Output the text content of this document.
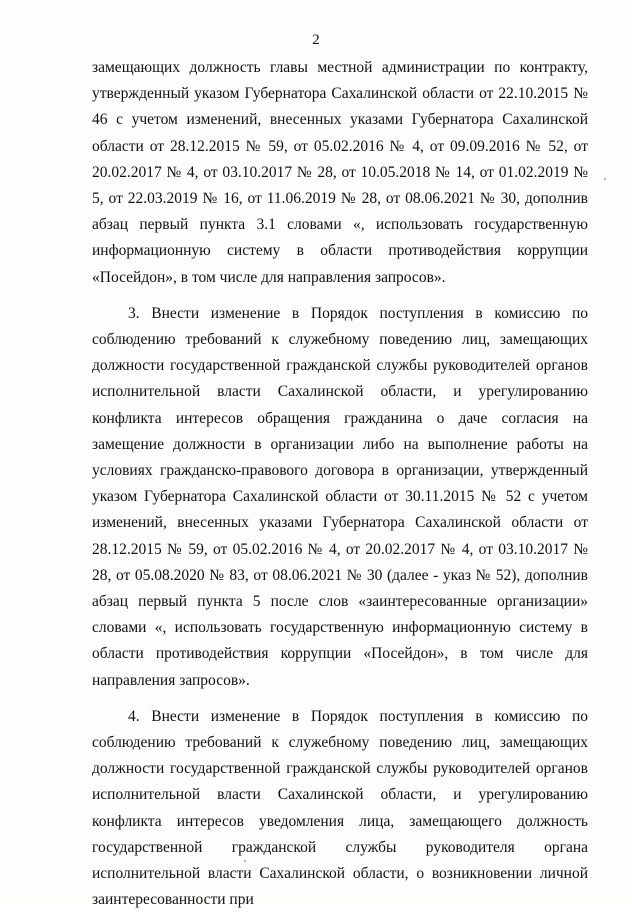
2

замещающих должность главы местной администрации по контракту, утвержденный указом Губернатора Сахалинской области от 22.10.2015 № 46 с учетом изменений, внесенных указами Губернатора Сахалинской области от 28.12.2015 № 59, от 05.02.2016 № 4, от 09.09.2016 № 52, от 20.02.2017 № 4, от 03.10.2017 № 28, от 10.05.2018 № 14, от 01.02.2019 № 5, от 22.03.2019 № 16, от 11.06.2019 № 28, от 08.06.2021 № 30, дополнив абзац первый пункта 3.1 словами «, использовать государственную информационную систему в области противодействия коррупции «Посейдон», в том числе для направления запросов».

3. Внести изменение в Порядок поступления в комиссию по соблюдению требований к служебному поведению лиц, замещающих должности государственной гражданской службы руководителей органов исполнительной власти Сахалинской области, и урегулированию конфликта интересов обращения гражданина о даче согласия на замещение должности в организации либо на выполнение работы на условиях гражданско-правового договора в организации, утвержденный указом Губернатора Сахалинской области от 30.11.2015 № 52 с учетом изменений, внесенных указами Губернатора Сахалинской области от 28.12.2015 № 59, от 05.02.2016 № 4, от 20.02.2017 № 4, от 03.10.2017 № 28, от 05.08.2020 № 83, от 08.06.2021 № 30 (далее - указ № 52), дополнив абзац первый пункта 5 после слов «заинтересованные организации» словами «, использовать государственную информационную систему в области противодействия коррупции «Посейдон», в том числе для направления запросов».

4. Внести изменение в Порядок поступления в комиссию по соблюдению требований к служебному поведению лиц, замещающих должности государственной гражданской службы руководителей органов исполнительной власти Сахалинской области, и урегулированию конфликта интересов уведомления лица, замещающего должность государственной гражданской службы руководителя органа исполнительной власти Сахалинской области, о возникновении личной заинтересованности при
